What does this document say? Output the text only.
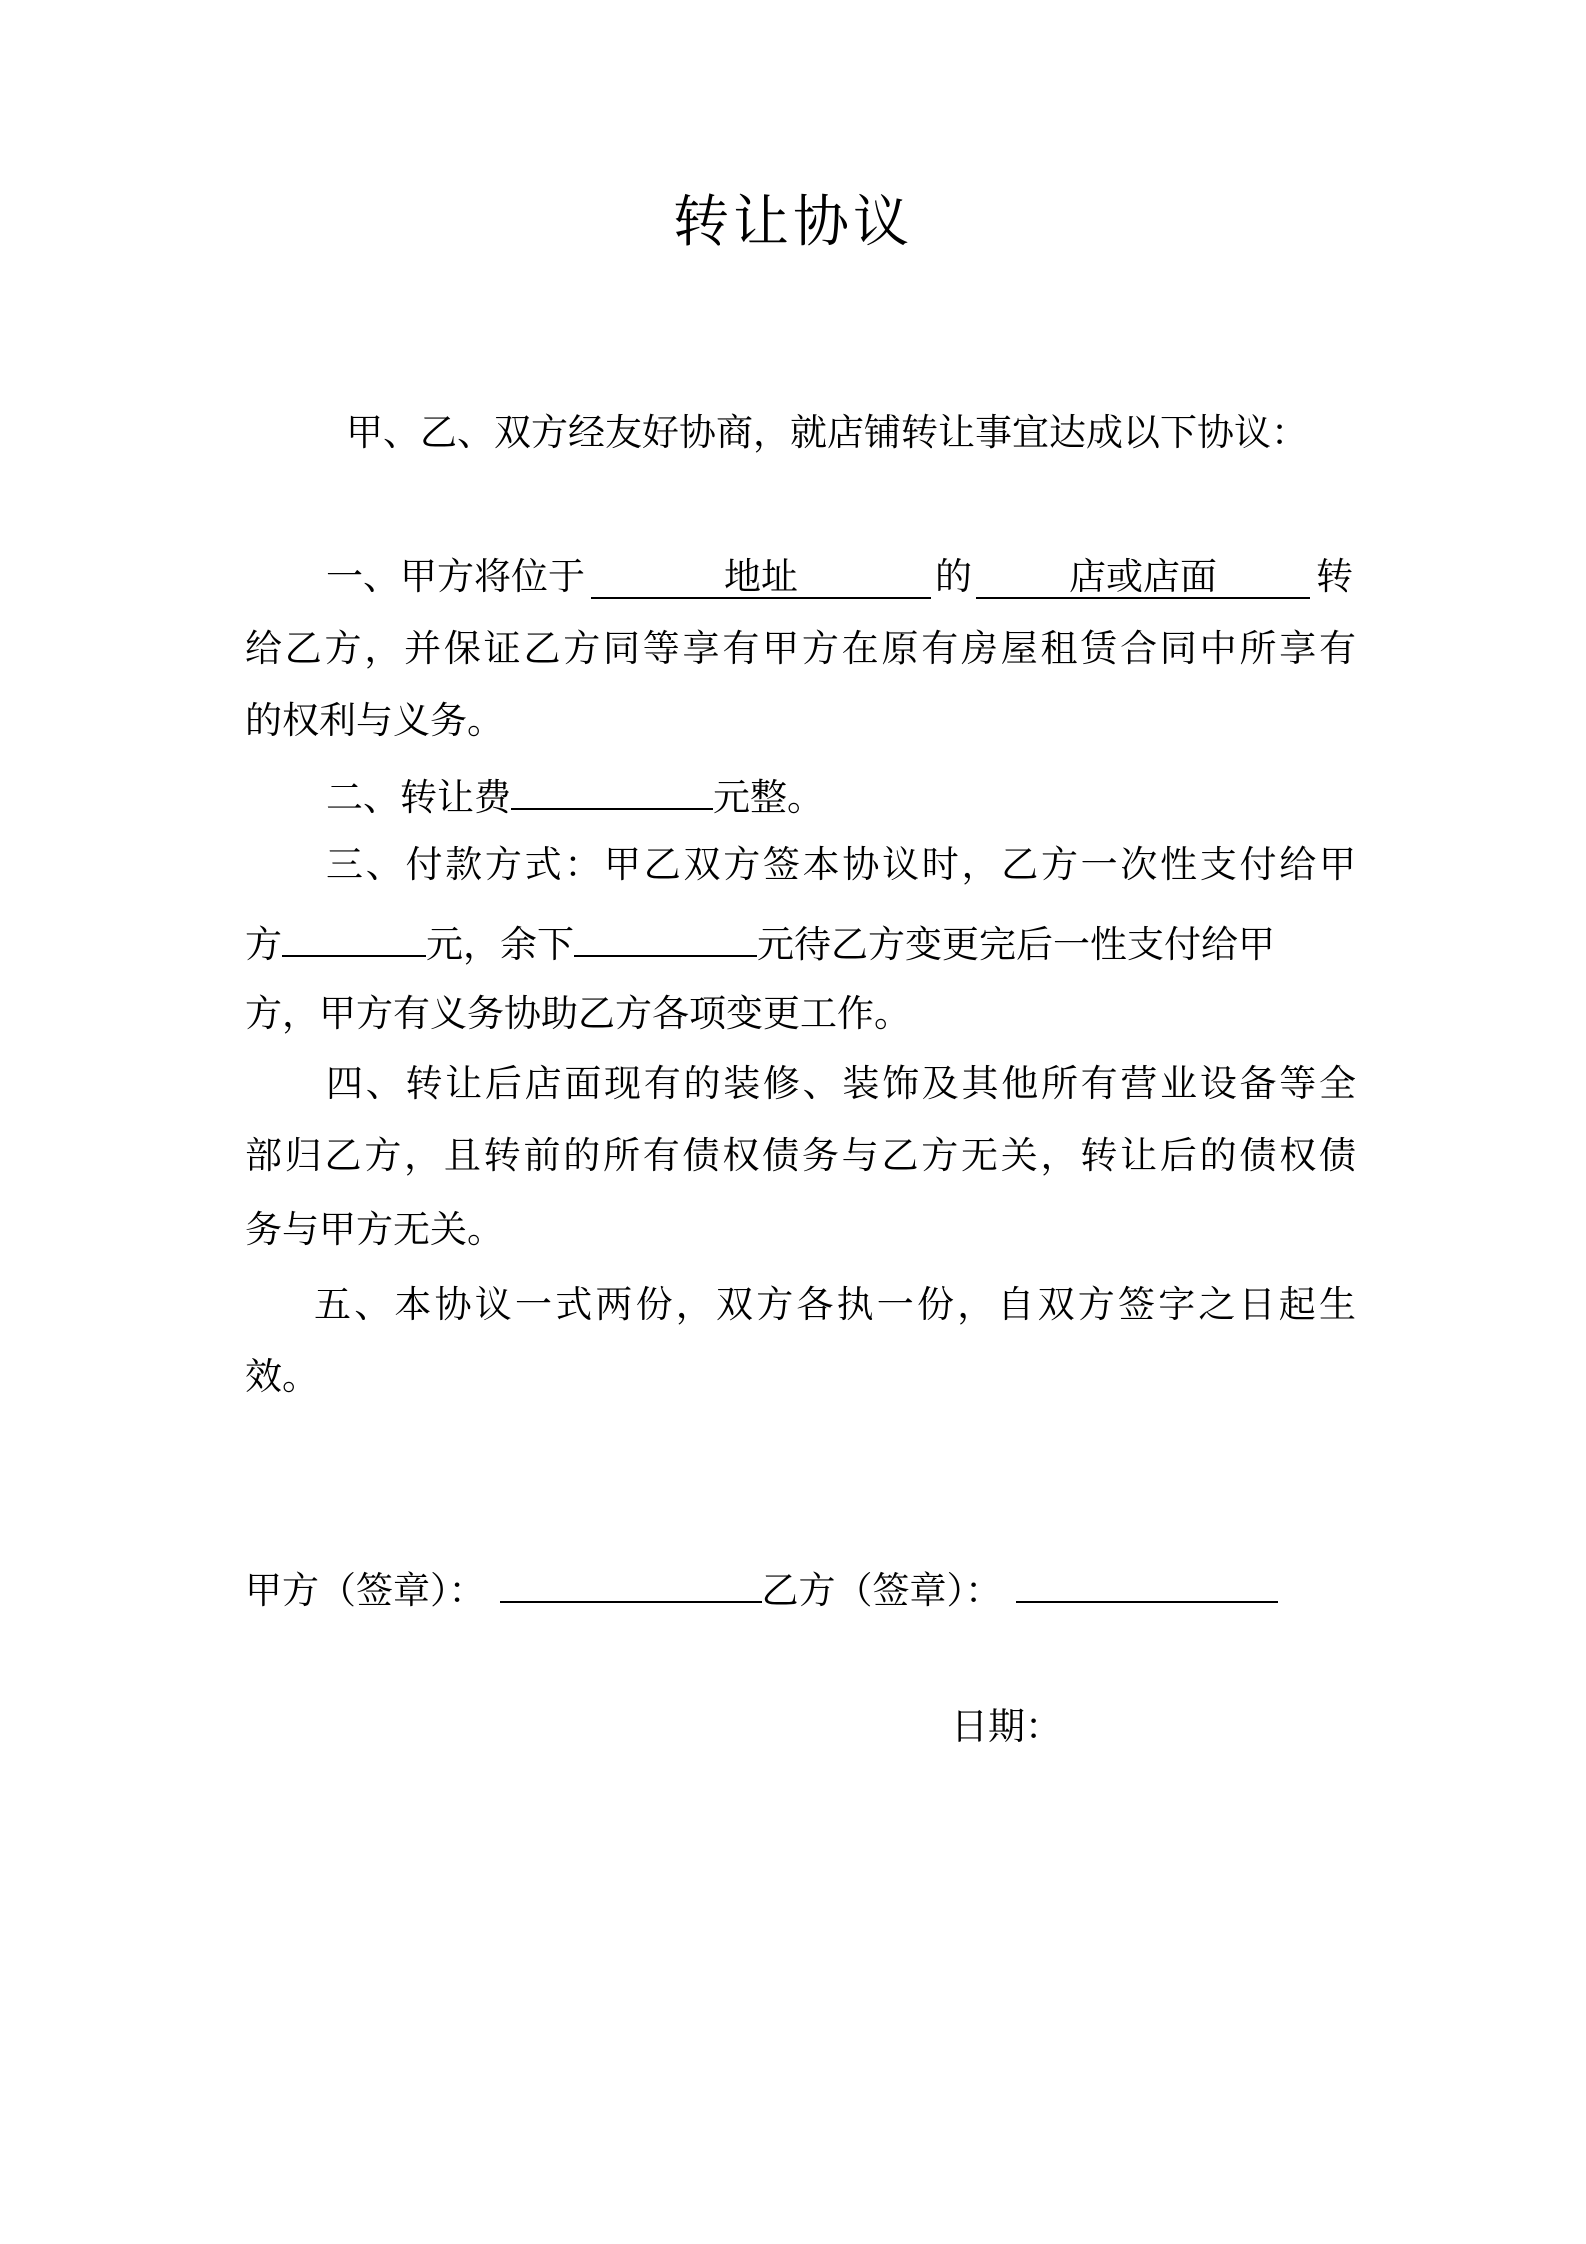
转让协议
甲、乙、双方经友好协商，就店铺转让事宜达成以下协议：
一、甲方将位于	地址	的	店或店面	转
给乙方，并保证乙方同等享有甲方在原有房屋租赁合同中所享有
的权利与义务。
二、转让费	元整。
三、付款方式：甲乙双方签本协议时，乙方一次性支付给甲
方	元，余下	元待乙方变更完后一性支付给甲
方，甲方有义务协助乙方各项变更工作。
四、转让后店面现有的装修、装饰及其他所有营业设备等全
部归乙方，且转前的所有债权债务与乙方无关，转让后的债权债
务与甲方无关。
五、本协议一式两份，双方各执一份，自双方签字之日起生
效。
甲方（签章）：	乙方（签章）：
日期：
